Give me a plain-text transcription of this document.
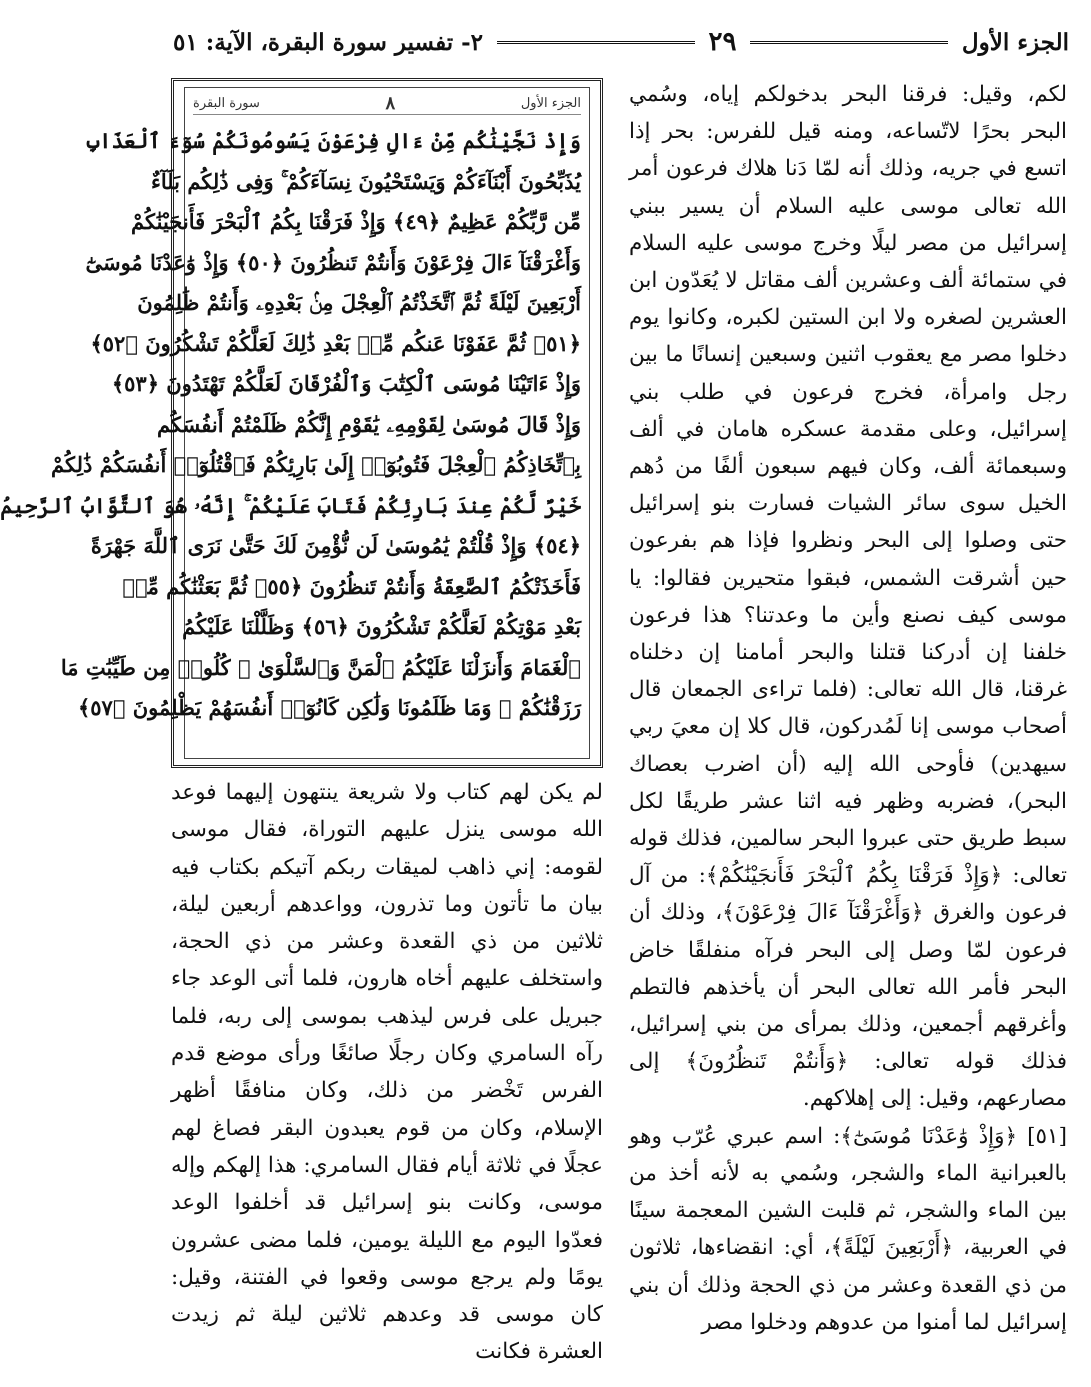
الجزء الأول
٢٩
٢- تفسير سورة البقرة، الآية: ٥١

لكم، وقيل: فرقنا البحر بدخولكم إياه، وسُمي البحر بحرًا لاتّساعه، ومنه قيل للفرس: بحر إذا اتسع في جريه، وذلك أنه لمّا دَنا هلاك فرعون أمر الله تعالى موسى عليه السلام أن يسير ببني إسرائيل من مصر ليلًا وخرج موسى عليه السلام في ستمائة ألف وعشرين ألف مقاتل لا يُعَدّون ابن العشرين لصغره ولا ابن الستين لكبره، وكانوا يوم دخلوا مصر مع يعقوب اثنين وسبعين إنسانًا ما بين رجل وامرأة، فخرج فرعون في طلب بني إسرائيل، وعلى مقدمة عسكره هامان في ألف وسبعمائة ألف، وكان فيهم سبعون ألفًا من دُهم الخيل سوى سائر الشيات فسارت بنو إسرائيل حتى وصلوا إلى البحر ونظروا فإذا هم بفرعون حين أشرقت الشمس، فبقوا متحيرين فقالوا: يا موسى كيف نصنع وأين ما وعدتنا؟ هذا فرعون خلفنا إن أدركنا قتلنا والبحر أمامنا إن دخلناه غرقنا، قال الله تعالى: (فلما تراءى الجمعان قال أصحاب موسى إنا لَمُدركون، قال كلا إن معيَ ربي سيهدين) فأوحى الله إليه (أن اضرب بعصاك البحر)، فضربه وظهر فيه اثنا عشر طريقًا لكل سبط طريق حتى عبروا البحر سالمين، فذلك قوله تعالى: ﴿وَإِذْ فَرَقْنَا بِكُمُ ٱلْبَحْرَ فَأَنجَيْنَٰكُمْ﴾: من آل فرعون والغرق ﴿وَأَغْرَقْنَآ ءَالَ فِرْعَوْنَ﴾، وذلك أن فرعون لمّا وصل إلى البحر فرآه منفلقًا خاض البحر فأمر الله تعالى البحر أن يأخذهم فالتطم وأغرقهم أجمعين، وذلك بمرأى من بني إسرائيل، فذلك قوله تعالى: ﴿وَأَنتُمْ تَنظُرُونَ﴾ إلى مصارعهم، وقيل: إلى إهلاكهم.

[٥١] ﴿وَإِذْ وَٰعَدْنَا مُوسَىٰٓ﴾: اسم عبري عُرّب وهو بالعبرانية الماء والشجر، وسُمي به لأنه أخذ من بين الماء والشجر، ثم قلبت الشين المعجمة سينًا في العربية، ﴿أَرْبَعِينَ لَيْلَةً﴾، أي: انقضاءها، ثلاثون من ذي القعدة وعشر من ذي الحجة وذلك أن بني إسرائيل لما أمنوا من عدوهم ودخلوا مصر

الجزء الأول
٨
سورة البقرة
وَإِذْ نَجَّيْنَٰكُم مِّنْ ءَالِ فِرْعَوْنَ يَسُومُونَكُمْ سُوٓءَ ٱلْعَذَابِ
يُذَبِّحُونَ أَبْنَآءَكُمْ وَيَسْتَحْيُونَ نِسَآءَكُمْ ۚ وَفِى ذَٰلِكُم بَلَآءٌ
مِّن رَّبِّكُمْ عَظِيمٌ ﴿٤٩﴾ وَإِذْ فَرَقْنَا بِكُمُ ٱلْبَحْرَ فَأَنجَيْنَٰكُمْ
وَأَغْرَقْنَآ ءَالَ فِرْعَوْنَ وَأَنتُمْ تَنظُرُونَ ﴿٥٠﴾ وَإِذْ وَٰعَدْنَا مُوسَىٰٓ
أَرْبَعِينَ لَيْلَةً ثُمَّ ٱتَّخَذْتُمُ ٱلْعِجْلَ مِنۢ بَعْدِهِۦ وَأَنتُمْ ظَٰلِمُونَ
﴿٥١﴾ ثُمَّ عَفَوْنَا عَنكُم مِّنۢ بَعْدِ ذَٰلِكَ لَعَلَّكُمْ تَشْكُرُونَ ﴿٥٢﴾
وَإِذْ ءَاتَيْنَا مُوسَى ٱلْكِتَٰبَ وَٱلْفُرْقَانَ لَعَلَّكُمْ تَهْتَدُونَ ﴿٥٣﴾
وَإِذْ قَالَ مُوسَىٰ لِقَوْمِهِۦ يَٰقَوْمِ إِنَّكُمْ ظَلَمْتُمْ أَنفُسَكُم
بِٱتِّخَاذِكُمُ ٱلْعِجْلَ فَتُوبُوٓا۟ إِلَىٰ بَارِئِكُمْ فَٱقْتُلُوٓا۟ أَنفُسَكُمْ ذَٰلِكُمْ
خَيْرٌ لَّكُمْ عِندَ بَارِئِكُمْ فَتَابَ عَلَيْكُمْ ۚ إِنَّهُۥ هُوَ ٱلتَّوَّابُ ٱلرَّحِيمُ
﴿٥٤﴾ وَإِذْ قُلْتُمْ يَٰمُوسَىٰ لَن نُّؤْمِنَ لَكَ حَتَّىٰ نَرَى ٱللَّهَ جَهْرَةً
فَأَخَذَتْكُمُ ٱلصَّٰعِقَةُ وَأَنتُمْ تَنظُرُونَ ﴿٥٥﴾ ثُمَّ بَعَثْنَٰكُم مِّنۢ
بَعْدِ مَوْتِكُمْ لَعَلَّكُمْ تَشْكُرُونَ ﴿٥٦﴾ وَظَلَّلْنَا عَلَيْكُمُ
ٱلْغَمَامَ وَأَنزَلْنَا عَلَيْكُمُ ٱلْمَنَّ وَٱلسَّلْوَىٰ ۖ كُلُوا۟ مِن طَيِّبَٰتِ مَا
رَزَقْنَٰكُمْ ۖ وَمَا ظَلَمُونَا وَلَٰكِن كَانُوٓا۟ أَنفُسَهُمْ يَظْلِمُونَ ﴿٥٧﴾

لم يكن لهم كتاب ولا شريعة ينتهون إليهما فوعد الله موسى ينزل عليهم التوراة، فقال موسى لقومه: إني ذاهب لميقات ربكم آتيكم بكتاب فيه بيان ما تأتون وما تذرون، وواعدهم أربعين ليلة، ثلاثين من ذي القعدة وعشر من ذي الحجة، واستخلف عليهم أخاه هارون، فلما أتى الوعد جاء جبريل على فرس ليذهب بموسى إلى ربه، فلما رآه السامري وكان رجلًا صائغًا ورأى موضع قدم الفرس تَخْضر من ذلك، وكان منافقًا أظهر الإسلام، وكان من قوم يعبدون البقر فصاغ لهم عجلًا في ثلاثة أيام فقال السامري: هذا إلهكم وإله موسى، وكانت بنو إسرائيل قد أخلفوا الوعد فعدّوا اليوم مع الليلة يومين، فلما مضى عشرون يومًا ولم يرجع موسى وقعوا في الفتنة، وقيل: كان موسى قد وعدهم ثلاثين ليلة ثم زيدت العشرة فكانت
